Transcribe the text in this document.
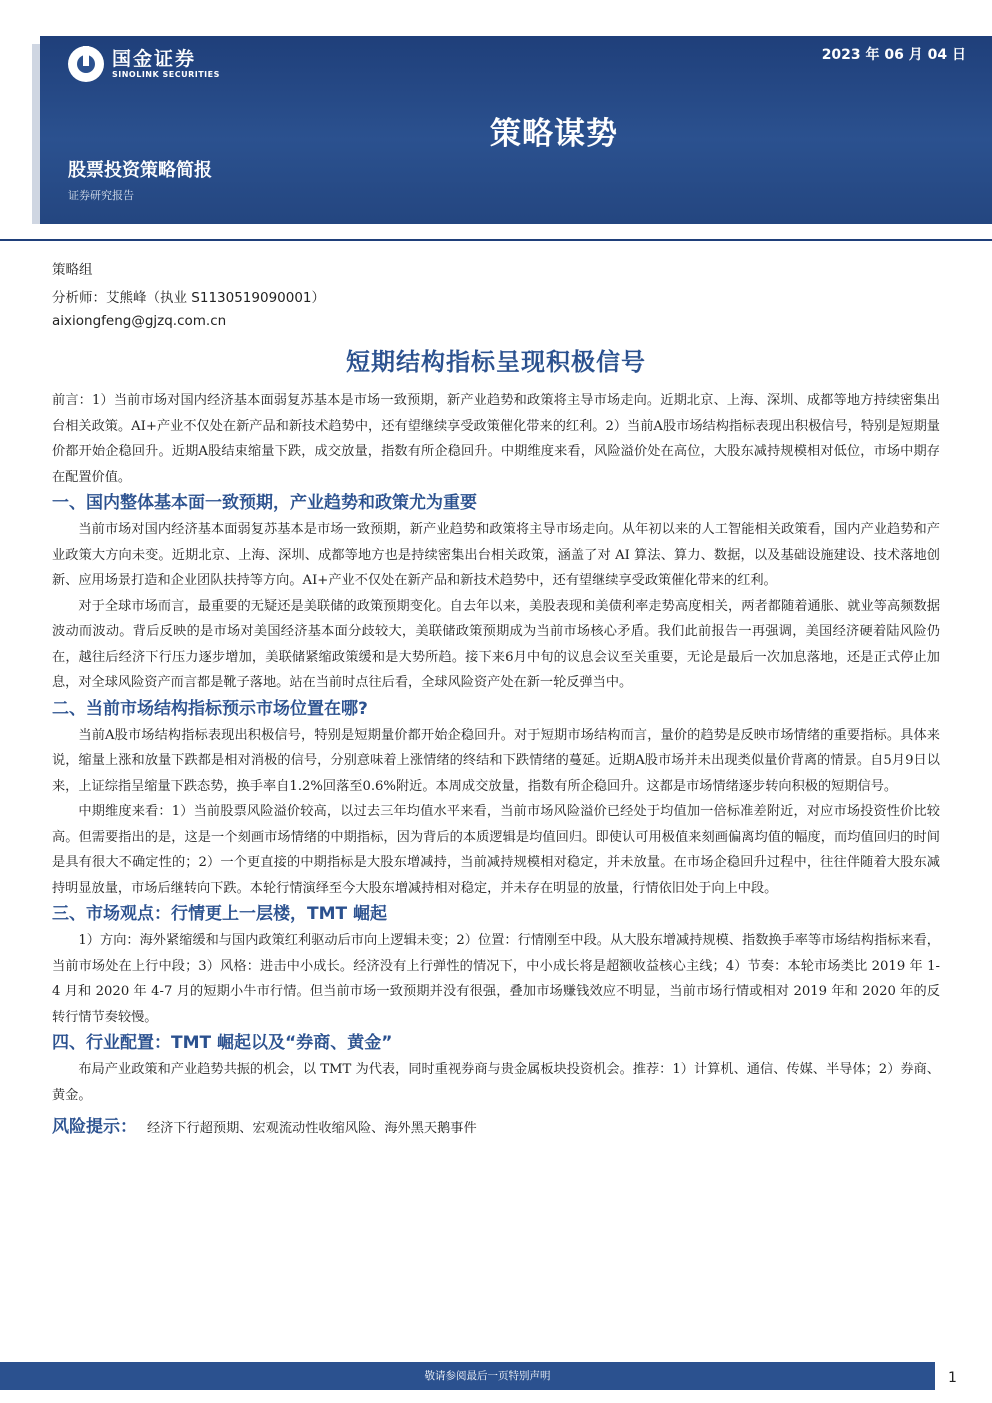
国金证券
SINOLINK SECURITIES
2023 年 06 月 04 日
策略谋势
股票投资策略简报
证券研究报告
策略组
分析师：艾熊峰（执业 S1130519090001）
aixiongfeng@gjzq.com.cn
短期结构指标呈现积极信号

前言：1）当前市场对国内经济基本面弱复苏基本是市场一致预期，新产业趋势和政策将主导市场走向。近期北京、上海、深圳、成都等地方持续密集出台相关政策。AI+产业不仅处在新产品和新技术趋势中，还有望继续享受政策催化带来的红利。2）当前A股市场结构指标表现出积极信号，特别是短期量价都开始企稳回升。近期A股结束缩量下跌，成交放量，指数有所企稳回升。中期维度来看，风险溢价处在高位，大股东减持规模相对低位，市场中期存在配置价值。

一、国内整体基本面一致预期，产业趋势和政策尤为重要

当前市场对国内经济基本面弱复苏基本是市场一致预期，新产业趋势和政策将主导市场走向。从年初以来的人工智能相关政策看，国内产业趋势和产业政策大方向未变。近期北京、上海、深圳、成都等地方也是持续密集出台相关政策，涵盖了对 AI 算法、算力、数据，以及基础设施建设、技术落地创新、应用场景打造和企业团队扶持等方向。AI+产业不仅处在新产品和新技术趋势中，还有望继续享受政策催化带来的红利。

对于全球市场而言，最重要的无疑还是美联储的政策预期变化。自去年以来，美股表现和美债利率走势高度相关，两者都随着通胀、就业等高频数据波动而波动。背后反映的是市场对美国经济基本面分歧较大，美联储政策预期成为当前市场核心矛盾。我们此前报告一再强调，美国经济硬着陆风险仍在，越往后经济下行压力逐步增加，美联储紧缩政策缓和是大势所趋。接下来6月中旬的议息会议至关重要，无论是最后一次加息落地，还是正式停止加息，对全球风险资产而言都是靴子落地。站在当前时点往后看，全球风险资产处在新一轮反弹当中。

二、当前市场结构指标预示市场位置在哪?

当前A股市场结构指标表现出积极信号，特别是短期量价都开始企稳回升。对于短期市场结构而言，量价的趋势是反映市场情绪的重要指标。具体来说，缩量上涨和放量下跌都是相对消极的信号，分别意味着上涨情绪的终结和下跌情绪的蔓延。近期A股市场并未出现类似量价背离的情景。自5月9日以来，上证综指呈缩量下跌态势，换手率自1.2%回落至0.6%附近。本周成交放量，指数有所企稳回升。这都是市场情绪逐步转向积极的短期信号。

中期维度来看：1）当前股票风险溢价较高，以过去三年均值水平来看，当前市场风险溢价已经处于均值加一倍标准差附近，对应市场投资性价比较高。但需要指出的是，这是一个刻画市场情绪的中期指标，因为背后的本质逻辑是均值回归。即使认可用极值来刻画偏离均值的幅度，而均值回归的时间是具有很大不确定性的；2）一个更直接的中期指标是大股东增减持，当前减持规模相对稳定，并未放量。在市场企稳回升过程中，往往伴随着大股东减持明显放量，市场后继转向下跌。本轮行情演绎至今大股东增减持相对稳定，并未存在明显的放量，行情依旧处于向上中段。

三、市场观点：行情更上一层楼，TMT 崛起

1）方向：海外紧缩缓和与国内政策红利驱动后市向上逻辑未变；2）位置：行情刚至中段。从大股东增减持规模、指数换手率等市场结构指标来看，当前市场处在上行中段；3）风格：进击中小成长。经济没有上行弹性的情况下，中小成长将是超额收益核心主线；4）节奏：本轮市场类比 2019 年 1-4 月和 2020 年 4-7 月的短期小牛市行情。但当前市场一致预期并没有很强，叠加市场赚钱效应不明显，当前市场行情或相对 2019 年和 2020 年的反转行情节奏较慢。

四、行业配置：TMT 崛起以及“券商、黄金”

布局产业政策和产业趋势共振的机会，以 TMT 为代表，同时重视券商与贵金属板块投资机会。推荐：1）计算机、通信、传媒、半导体；2）券商、黄金。

风险提示： 经济下行超预期、宏观流动性收缩风险、海外黑天鹅事件
敬请参阅最后一页特别声明	1
